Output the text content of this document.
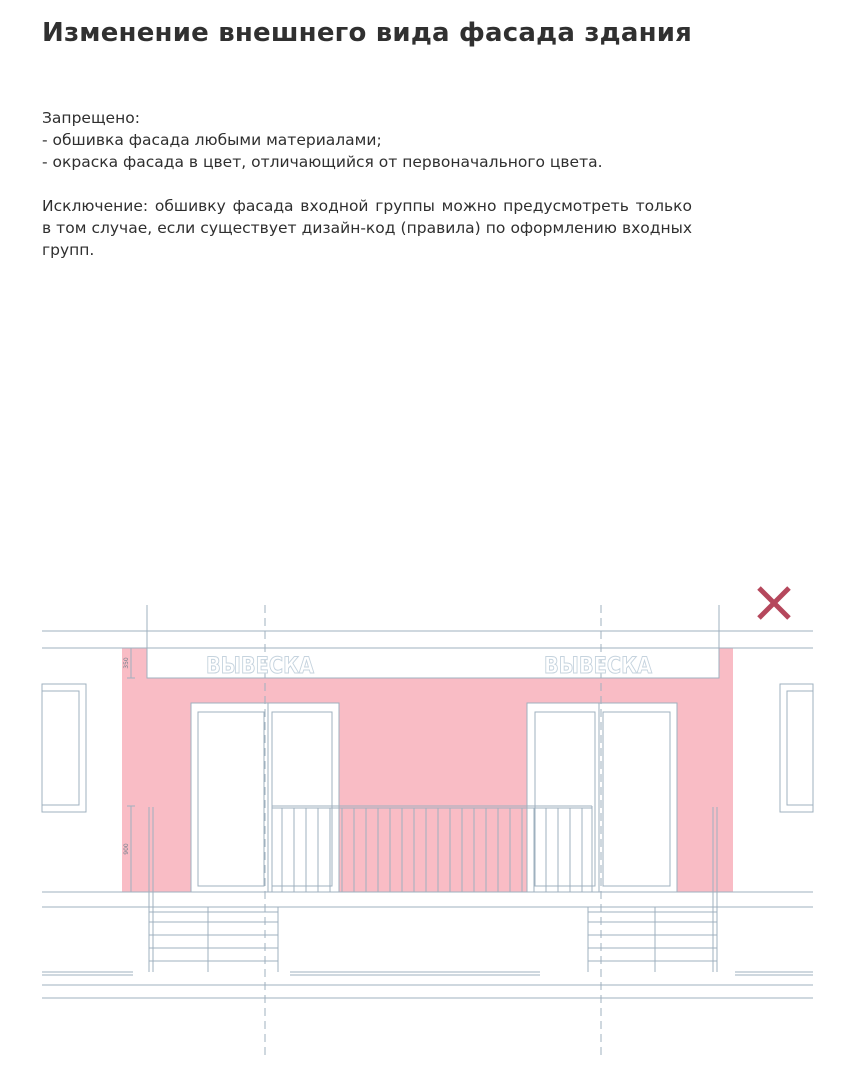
Изменение внешнего вида фасада здания
Запрещено:
- обшивка фасада любыми материалами;
- окраска фасада в цвет, отличающийся от первоначального цвета.
Исключение: обшивку фасада входной группы можно предусмотреть только в том случае, если существует дизайн-код (правила) по оформлению входных групп.
ВЫВЕСКА	ВЫВЕСКА
350
900
